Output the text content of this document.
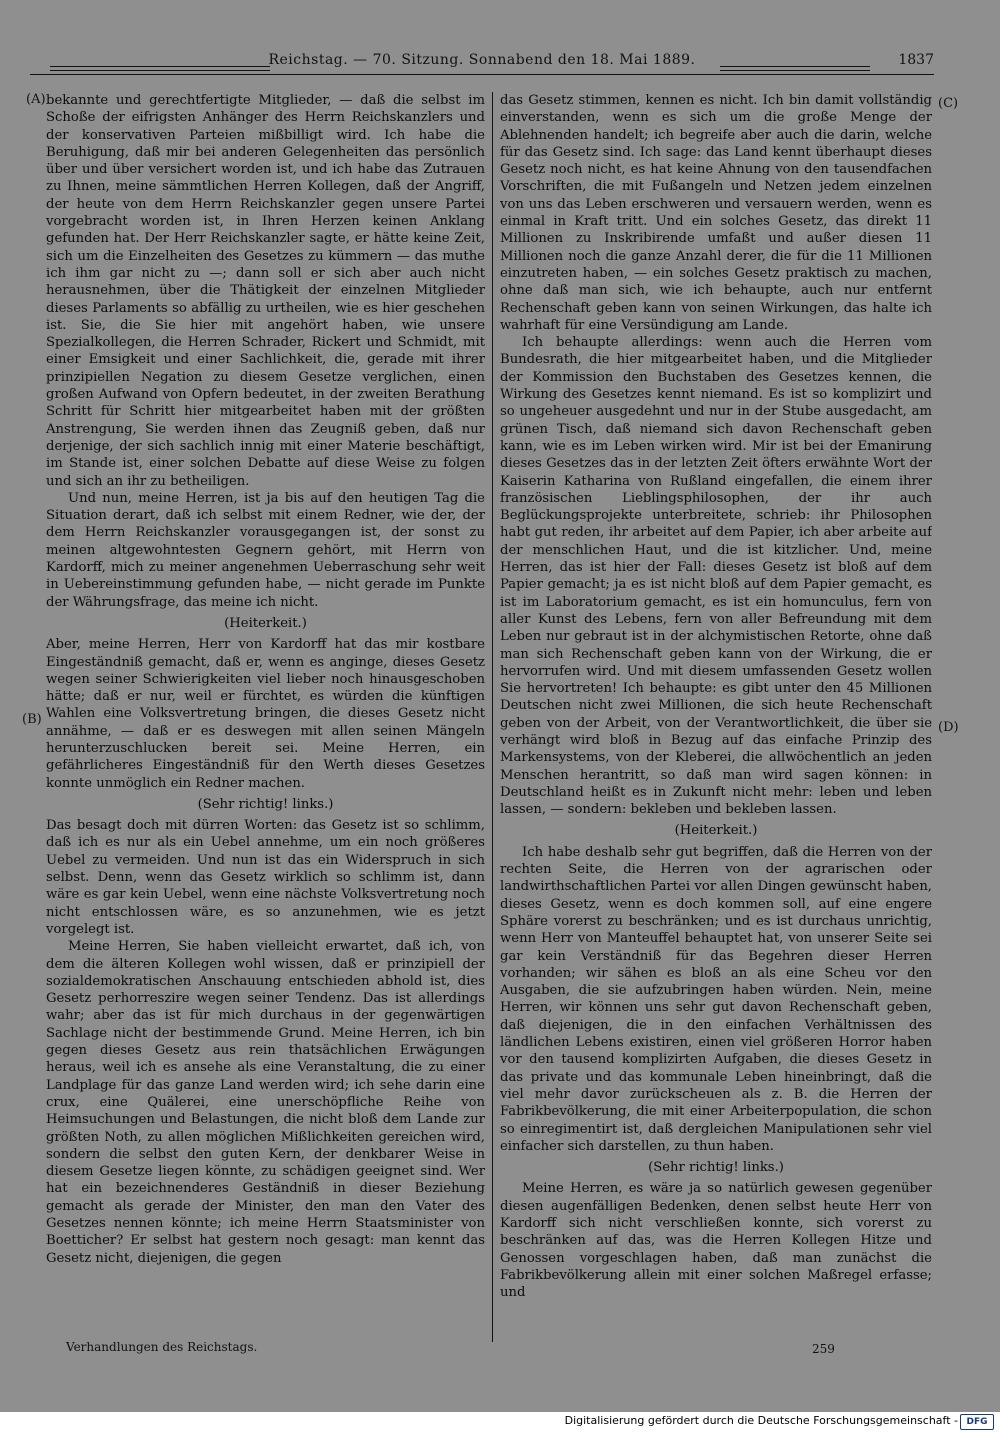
Reichstag. — 70. Sitzung. Sonnabend den 18. Mai 1889.	1837
(A)
(B)
(C)
(D)

bekannte und gerechtfertigte Mitglieder, — daß die selbst im Schoße der eifrigsten Anhänger des Herrn Reichskanzlers und der konservativen Parteien mißbilligt wird. Ich habe die Beruhigung, daß mir bei anderen Gelegenheiten das persönlich über und über versichert worden ist, und ich habe das Zutrauen zu Ihnen, meine sämmtlichen Herren Kollegen, daß der Angriff, der heute von dem Herrn Reichskanzler gegen unsere Partei vorgebracht worden ist, in Ihren Herzen keinen Anklang gefunden hat. Der Herr Reichskanzler sagte, er hätte keine Zeit, sich um die Einzelheiten des Gesetzes zu kümmern — das muthe ich ihm gar nicht zu —; dann soll er sich aber auch nicht herausnehmen, über die Thätigkeit der einzelnen Mitglieder dieses Parlaments so abfällig zu urtheilen, wie es hier geschehen ist. Sie, die Sie hier mit angehört haben, wie unsere Spezialkollegen, die Herren Schrader, Rickert und Schmidt, mit einer Emsigkeit und einer Sachlichkeit, die, gerade mit ihrer prinzipiellen Negation zu diesem Gesetze verglichen, einen großen Aufwand von Opfern bedeutet, in der zweiten Berathung Schritt für Schritt hier mitgearbeitet haben mit der größten Anstrengung, Sie werden ihnen das Zeugniß geben, daß nur derjenige, der sich sachlich innig mit einer Materie beschäftigt, im Stande ist, einer solchen Debatte auf diese Weise zu folgen und sich an ihr zu betheiligen.

Und nun, meine Herren, ist ja bis auf den heutigen Tag die Situation derart, daß ich selbst mit einem Redner, wie der, der dem Herrn Reichskanzler vorausgegangen ist, der sonst zu meinen altgewohntesten Gegnern gehört, mit Herrn von Kardorff, mich zu meiner angenehmen Ueberraschung sehr weit in Uebereinstimmung gefunden habe, — nicht gerade im Punkte der Währungsfrage, das meine ich nicht.

(Heiterkeit.)

Aber, meine Herren, Herr von Kardorff hat das mir kostbare Eingeständniß gemacht, daß er, wenn es anginge, dieses Gesetz wegen seiner Schwierigkeiten viel lieber noch hinausgeschoben hätte; daß er nur, weil er fürchtet, es würden die künftigen Wahlen eine Volksvertretung bringen, die dieses Gesetz nicht annähme, — daß er es deswegen mit allen seinen Mängeln herunterzuschlucken bereit sei. Meine Herren, ein gefährlicheres Eingeständniß für den Werth dieses Gesetzes konnte unmöglich ein Redner machen.

(Sehr richtig! links.)

Das besagt doch mit dürren Worten: das Gesetz ist so schlimm, daß ich es nur als ein Uebel annehme, um ein noch größeres Uebel zu vermeiden. Und nun ist das ein Widerspruch in sich selbst. Denn, wenn das Gesetz wirklich so schlimm ist, dann wäre es gar kein Uebel, wenn eine nächste Volksvertretung noch nicht entschlossen wäre, es so anzunehmen, wie es jetzt vorgelegt ist.

Meine Herren, Sie haben vielleicht erwartet, daß ich, von dem die älteren Kollegen wohl wissen, daß er prinzipiell der sozialdemokratischen Anschauung entschieden abhold ist, dies Gesetz perhorreszire wegen seiner Tendenz. Das ist allerdings wahr; aber das ist für mich durchaus in der gegenwärtigen Sachlage nicht der bestimmende Grund. Meine Herren, ich bin gegen dieses Gesetz aus rein thatsächlichen Erwägungen heraus, weil ich es ansehe als eine Veranstaltung, die zu einer Landplage für das ganze Land werden wird; ich sehe darin eine crux, eine Quälerei, eine unerschöpfliche Reihe von Heimsuchungen und Belastungen, die nicht bloß dem Lande zur größten Noth, zu allen möglichen Mißlichkeiten gereichen wird, sondern die selbst den guten Kern, der denkbarer Weise in diesem Gesetze liegen könnte, zu schädigen geeignet sind. Wer hat ein bezeichnenderes Geständniß in dieser Beziehung gemacht als gerade der Minister, den man den Vater des Gesetzes nennen könnte; ich meine Herrn Staatsminister von Boetticher? Er selbst hat gestern noch gesagt: man kennt das Gesetz nicht, diejenigen, die gegen

das Gesetz stimmen, kennen es nicht. Ich bin damit vollständig einverstanden, wenn es sich um die große Menge der Ablehnenden handelt; ich begreife aber auch die darin, welche für das Gesetz sind. Ich sage: das Land kennt überhaupt dieses Gesetz noch nicht, es hat keine Ahnung von den tausendfachen Vorschriften, die mit Fußangeln und Netzen jedem einzelnen von uns das Leben erschweren und versauern werden, wenn es einmal in Kraft tritt. Und ein solches Gesetz, das direkt 11 Millionen zu Inskribirende umfaßt und außer diesen 11 Millionen noch die ganze Anzahl derer, die für die 11 Millionen einzutreten haben, — ein solches Gesetz praktisch zu machen, ohne daß man sich, wie ich behaupte, auch nur entfernt Rechenschaft geben kann von seinen Wirkungen, das halte ich wahrhaft für eine Versündigung am Lande.

Ich behaupte allerdings: wenn auch die Herren vom Bundesrath, die hier mitgearbeitet haben, und die Mitglieder der Kommission den Buchstaben des Gesetzes kennen, die Wirkung des Gesetzes kennt niemand. Es ist so komplizirt und so ungeheuer ausgedehnt und nur in der Stube ausgedacht, am grünen Tisch, daß niemand sich davon Rechenschaft geben kann, wie es im Leben wirken wird. Mir ist bei der Emanirung dieses Gesetzes das in der letzten Zeit öfters erwähnte Wort der Kaiserin Katharina von Rußland eingefallen, die einem ihrer französischen Lieblingsphilosophen, der ihr auch Beglückungsprojekte unterbreitete, schrieb: ihr Philosophen habt gut reden, ihr arbeitet auf dem Papier, ich aber arbeite auf der menschlichen Haut, und die ist kitzlicher. Und, meine Herren, das ist hier der Fall: dieses Gesetz ist bloß auf dem Papier gemacht; ja es ist nicht bloß auf dem Papier gemacht, es ist im Laboratorium gemacht, es ist ein homunculus, fern von aller Kunst des Lebens, fern von aller Befreundung mit dem Leben nur gebraut ist in der alchymistischen Retorte, ohne daß man sich Rechenschaft geben kann von der Wirkung, die er hervorrufen wird. Und mit diesem umfassenden Gesetz wollen Sie hervortreten! Ich behaupte: es gibt unter den 45 Millionen Deutschen nicht zwei Millionen, die sich heute Rechenschaft geben von der Arbeit, von der Verantwortlichkeit, die über sie verhängt wird bloß in Bezug auf das einfache Prinzip des Markensystems, von der Kleberei, die allwöchentlich an jeden Menschen herantritt, so daß man wird sagen können: in Deutschland heißt es in Zukunft nicht mehr: leben und leben lassen, — sondern: bekleben und bekleben lassen.

(Heiterkeit.)

Ich habe deshalb sehr gut begriffen, daß die Herren von der rechten Seite, die Herren von der agrarischen oder landwirthschaftlichen Partei vor allen Dingen gewünscht haben, dieses Gesetz, wenn es doch kommen soll, auf eine engere Sphäre vorerst zu beschränken; und es ist durchaus unrichtig, wenn Herr von Manteuffel behauptet hat, von unserer Seite sei gar kein Verständniß für das Begehren dieser Herren vorhanden; wir sähen es bloß an als eine Scheu vor den Ausgaben, die sie aufzubringen haben würden. Nein, meine Herren, wir können uns sehr gut davon Rechenschaft geben, daß diejenigen, die in den einfachen Verhältnissen des ländlichen Lebens existiren, einen viel größeren Horror haben vor den tausend komplizirten Aufgaben, die dieses Gesetz in das private und das kommunale Leben hineinbringt, daß die viel mehr davor zurückscheuen als z. B. die Herren der Fabrikbevölkerung, die mit einer Arbeiterpopulation, die schon so einregimentirt ist, daß dergleichen Manipulationen sehr viel einfacher sich darstellen, zu thun haben.

(Sehr richtig! links.)

Meine Herren, es wäre ja so natürlich gewesen gegenüber diesen augenfälligen Bedenken, denen selbst heute Herr von Kardorff sich nicht verschließen konnte, sich vorerst zu beschränken auf das, was die Herren Kollegen Hitze und Genossen vorgeschlagen haben, daß man zunächst die Fabrikbevölkerung allein mit einer solchen Maßregel erfasse; und

Verhandlungen des Reichstags.	259
Digitalisierung gefördert durch die Deutsche Forschungsgemeinschaft - DFG
